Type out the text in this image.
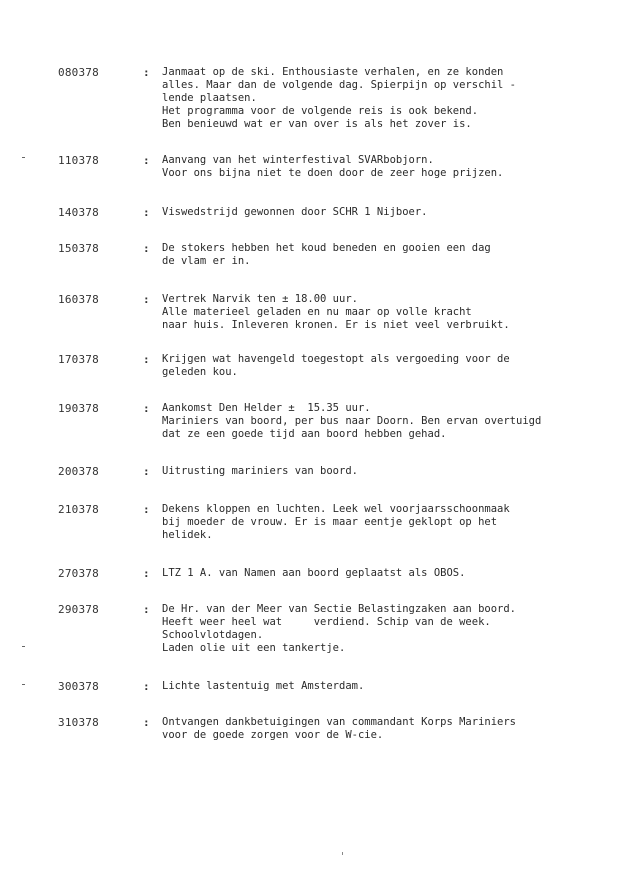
080378	: Janmaat op de ski. Enthousiaste verhalen, en ze konden
alles. Maar dan de volgende dag. Spierpijn op verschil -
lende plaatsen.
Het programma voor de volgende reis is ook bekend.
Ben benieuwd wat er van over is als het zover is.
110378	: Aanvang van het winterfestival SVARbobjorn.
Voor ons bijna niet te doen door de zeer hoge prijzen.
140378	: Viswedstrijd gewonnen door SCHR 1 Nijboer.
150378	: De stokers hebben het koud beneden en gooien een dag
de vlam er in.
160378	: Vertrek Narvik ten ± 18.00 uur.
Alle materieel geladen en nu maar op volle kracht
naar huis. Inleveren kronen. Er is niet veel verbruikt.
170378	: Krijgen wat havengeld toegestopt als vergoeding voor de
geleden kou.
190378	: Aankomst Den Helder ±  15.35 uur.
Mariniers van boord, per bus naar Doorn. Ben ervan overtuigd
dat ze een goede tijd aan boord hebben gehad.
200378	: Uitrusting mariniers van boord.
210378	: Dekens kloppen en luchten. Leek wel voorjaarsschoonmaak
bij moeder de vrouw. Er is maar eentje geklopt op het
helidek.
270378	: LTZ 1 A. van Namen aan boord geplaatst als OBOS.
290378	: De Hr. van der Meer van Sectie Belastingzaken aan boord.
Heeft weer heel wat     verdiend. Schip van de week.
Schoolvlotdagen.
Laden olie uit een tankertje.
300378	: Lichte lastentuig met Amsterdam.
310378	: Ontvangen dankbetuigingen van commandant Korps Mariniers
voor de goede zorgen voor de W-cie.
